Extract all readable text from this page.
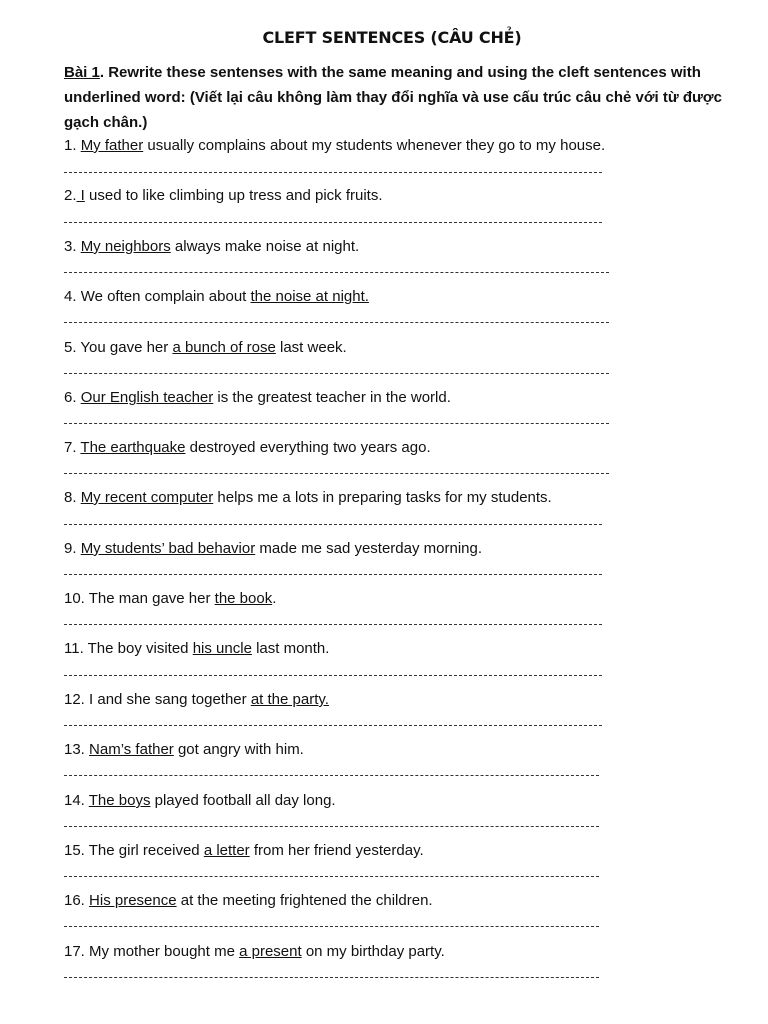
CLEFT SENTENCES (CÂU CHẺ)
Bài 1. Rewrite these sentenses with the same meaning and using the cleft sentences with underlined word: (Viết lại câu không làm thay đổi nghĩa và use cấu trúc câu chẻ với từ được gạch chân.)
1. My father usually complains about my students whenever they go to my house.
2. I used to like climbing up tress and pick fruits.
3. My neighbors always make noise at night.
4. We often complain about the noise at night.
5. You gave her a bunch of rose last week.
6. Our English teacher is the greatest teacher in the world.
7. The earthquake destroyed everything two years ago.
8. My recent computer helps me a lots in preparing tasks for my students.
9. My students’ bad behavior made me sad yesterday morning.
10. The man gave her the book.
11. The boy visited his uncle last month.
12. I and she sang together at the party.
13. Nam’s father got angry with him.
14. The boys played football all day long.
15. The girl received a letter from her friend yesterday.
16. His presence at the meeting frightened the children.
17. My mother bought me a present on my birthday party.
